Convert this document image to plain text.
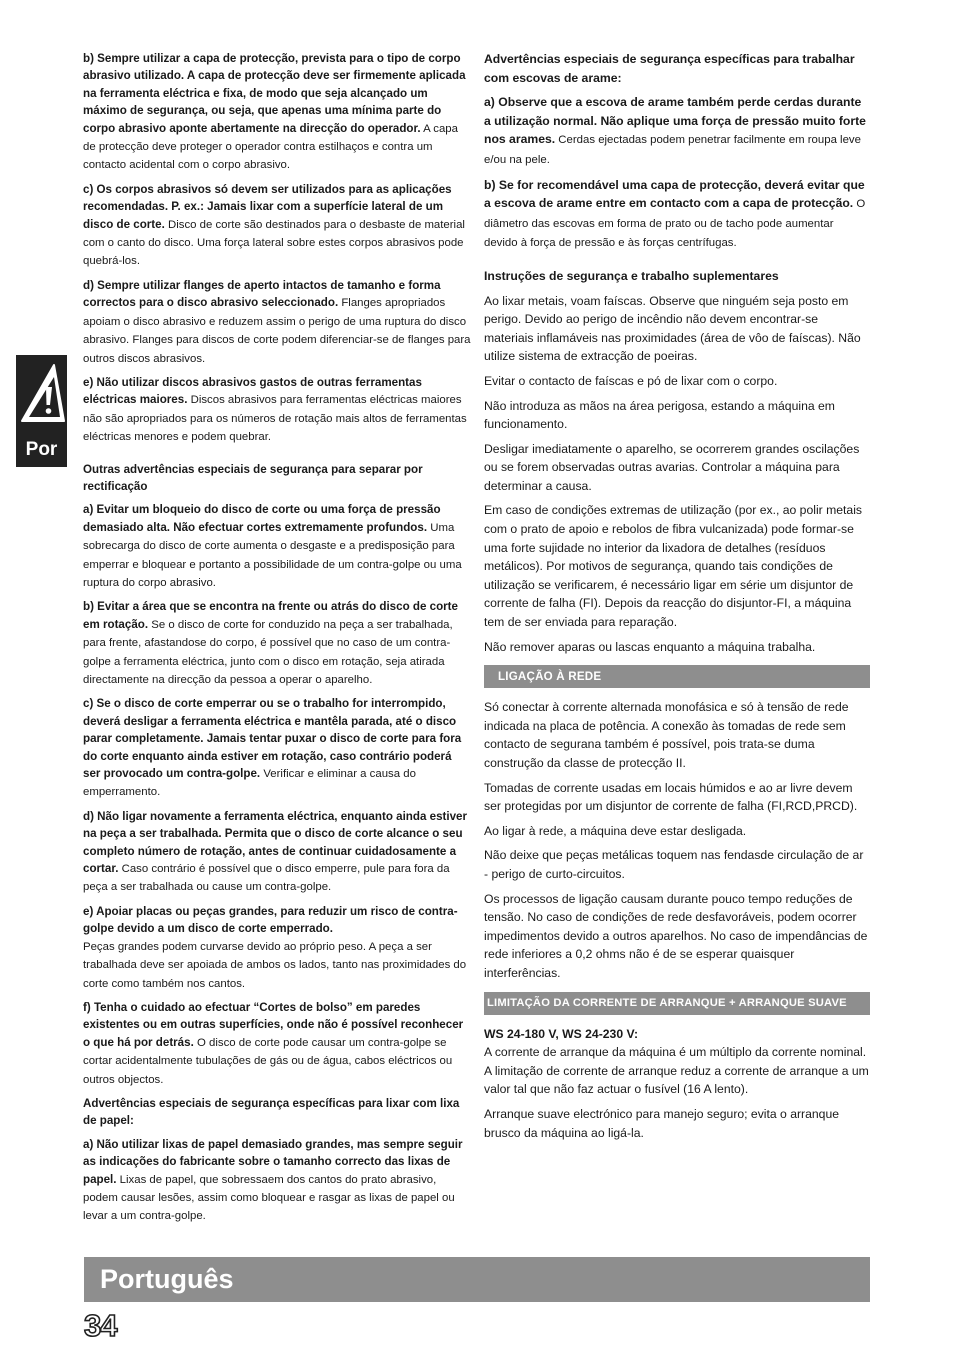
Por

b) Sempre utilizar a capa de protecção, prevista para o tipo de corpo abrasivo utilizado. A capa de protecção deve ser firmemente aplicada na ferramenta eléctrica e fixa, de modo que seja alcançado um máximo de segurança, ou seja, que apenas uma mínima parte do corpo abrasivo aponte abertamente na direcção do operador. A capa de protecção deve proteger o operador contra estilhaços e contra um contacto acidental com o corpo abrasivo.

c) Os corpos abrasivos só devem ser utilizados para as aplicações recomendadas. P. ex.: Jamais lixar com a superfície lateral de um disco de corte. Disco de corte são destinados para o desbaste de material com o canto do disco. Uma força lateral sobre estes corpos abrasivos pode quebrá-los.

d) Sempre utilizar flanges de aperto intactos de tamanho e forma correctos para o disco abrasivo seleccionado. Flanges apropriados apoiam o disco abrasivo e reduzem assim o perigo de uma ruptura do disco abrasivo. Flanges para discos de corte podem diferenciar-se de flanges para outros discos abrasivos.

e) Não utilizar discos abrasivos gastos de outras ferramentas eléctricas maiores. Discos abrasivos para ferramentas eléctricas maiores não são apropriados para os números de rotação mais altos de ferramentas eléctricas menores e podem quebrar.

Outras advertências especiais de segurança para separar por rectificação

a) Evitar um bloqueio do disco de corte ou uma força de pressão demasiado alta. Não efectuar cortes extremamente profundos. Uma sobrecarga do disco de corte aumenta o desgaste e a predisposição para emperrar e bloquear e portanto a possibilidade de um contra-golpe ou uma ruptura do corpo abrasivo.

b) Evitar a área que se encontra na frente ou atrás do disco de corte em rotação. Se o disco de corte for conduzido na peça a ser trabalhada, para frente, afastandose do corpo, é possível que no caso de um contra-golpe a ferramenta eléctrica, junto com o disco em rotação, seja atirada directamente na direcção da pessoa a operar o aparelho.

c) Se o disco de corte emperrar ou se o trabalho for interrompido, deverá desligar a ferramenta eléctrica e mantêla parada, até o disco parar completamente. Jamais tentar puxar o disco de corte para fora do corte enquanto ainda estiver em rotação, caso contrário poderá ser provocado um contra-golpe. Verificar e eliminar a causa do emperramento.

d) Não ligar novamente a ferramenta eléctrica, enquanto ainda estiver na peça a ser trabalhada. Permita que o disco de corte alcance o seu completo número de rotação, antes de continuar cuidadosamente a cortar. Caso contrário é possível que o disco emperre, pule para fora da peça a ser trabalhada ou cause um contra-golpe.

e) Apoiar placas ou peças grandes, para reduzir um risco de contra-golpe devido a um disco de corte emperrado.
Peças grandes podem curvarse devido ao próprio peso. A peça a ser trabalhada deve ser apoiada de ambos os lados, tanto nas proximidades do corte como também nos cantos.

f) Tenha o cuidado ao efectuar “Cortes de bolso” em paredes existentes ou em outras superfícies, onde não é possível reconhecer o que há por detrás. O disco de corte pode causar um contra-golpe se cortar acidentalmente tubulações de gás ou de água, cabos eléctricos ou outros objectos.

Advertências especiais de segurança específicas para lixar com lixa de papel:

a) Não utilizar lixas de papel demasiado grandes, mas sempre seguir as indicações do fabricante sobre o tamanho correcto das lixas de papel. Lixas de papel, que sobressaem dos cantos do prato abrasivo, podem causar lesões, assim como bloquear e rasgar as lixas de papel ou levar a um contra-golpe.

Advertências especiais de segurança específicas para trabalhar com escovas de arame:

a) Observe que a escova de arame também perde cerdas durante a utilização normal. Não aplique uma força de pressão muito forte nos arames. Cerdas ejectadas podem penetrar facilmente em roupa leve e/ou na pele.

b) Se for recomendável uma capa de protecção, deverá evitar que a escova de arame entre em contacto com a capa de protecção. O diâmetro das escovas em forma de prato ou de tacho pode aumentar devido à força de pressão e às forças centrífugas.

Instruções de segurança e trabalho suplementares

Ao lixar metais, voam faíscas. Observe que ninguém seja posto em perigo. Devido ao perigo de incêndio não devem encontrar-se materiais inflamáveis nas proximidades (área de vôo de faíscas). Não utilize sistema de extracção de poeiras.

Evitar o contacto de faíscas e pó de lixar com o corpo.

Não introduza as mãos na área perigosa, estando a máquina em funcionamento.

Desligar imediatamente o aparelho, se ocorrerem grandes oscilações ou se forem observadas outras avarias. Controlar a máquina para determinar a causa.

Em caso de condições extremas de utilização (por ex., ao polir metais com o prato de apoio e rebolos de fibra vulcanizada) pode formar-se uma forte sujidade no interior da lixadora de detalhes (resíduos metálicos). Por motivos de segurança, quando tais condições de utilização se verificarem, é necessário ligar em série um disjuntor de corrente de falha (FI). Depois da reacção do disjuntor-FI, a máquina tem de ser enviada para reparação.

Não remover aparas ou lascas enquanto a máquina trabalha.

LIGAÇÃO À REDE

Só conectar à corrente alternada monofásica e só à tensão de rede indicada na placa de potência. A conexão às tomadas de rede sem contacto de segurana também é possível, pois trata-se duma construção da classe de protecção II.

Tomadas de corrente usadas em locais húmidos e ao ar livre devem ser protegidas por um disjuntor de corrente de falha (FI,RCD,PRCD).

Ao ligar à rede, a máquina deve estar desligada.

Não deixe que peças metálicas toquem nas fendasde circulação de ar - perigo de curto-circuitos.

Os processos de ligação causam durante pouco tempo reduções de tensão. No caso de condições de rede desfavoráveis, podem ocorrer impedimentos devido a outros aparelhos. No caso de impendâncias de rede inferiores a 0,2 ohms não é de se esperar quaisquer interferências.

LIMITAÇÃO DA CORRENTE DE ARRANQUE + ARRANQUE SUAVE

WS 24-180 V, WS 24-230 V:
A corrente de arranque da máquina é um múltiplo da corrente nominal. A limitação de corrente de arranque reduz a corrente de arranque a um valor tal que não faz actuar o fusível (16 A lento).

Arranque suave electrónico para manejo seguro; evita o arranque brusco da máquina ao ligá-la.

Português
34
